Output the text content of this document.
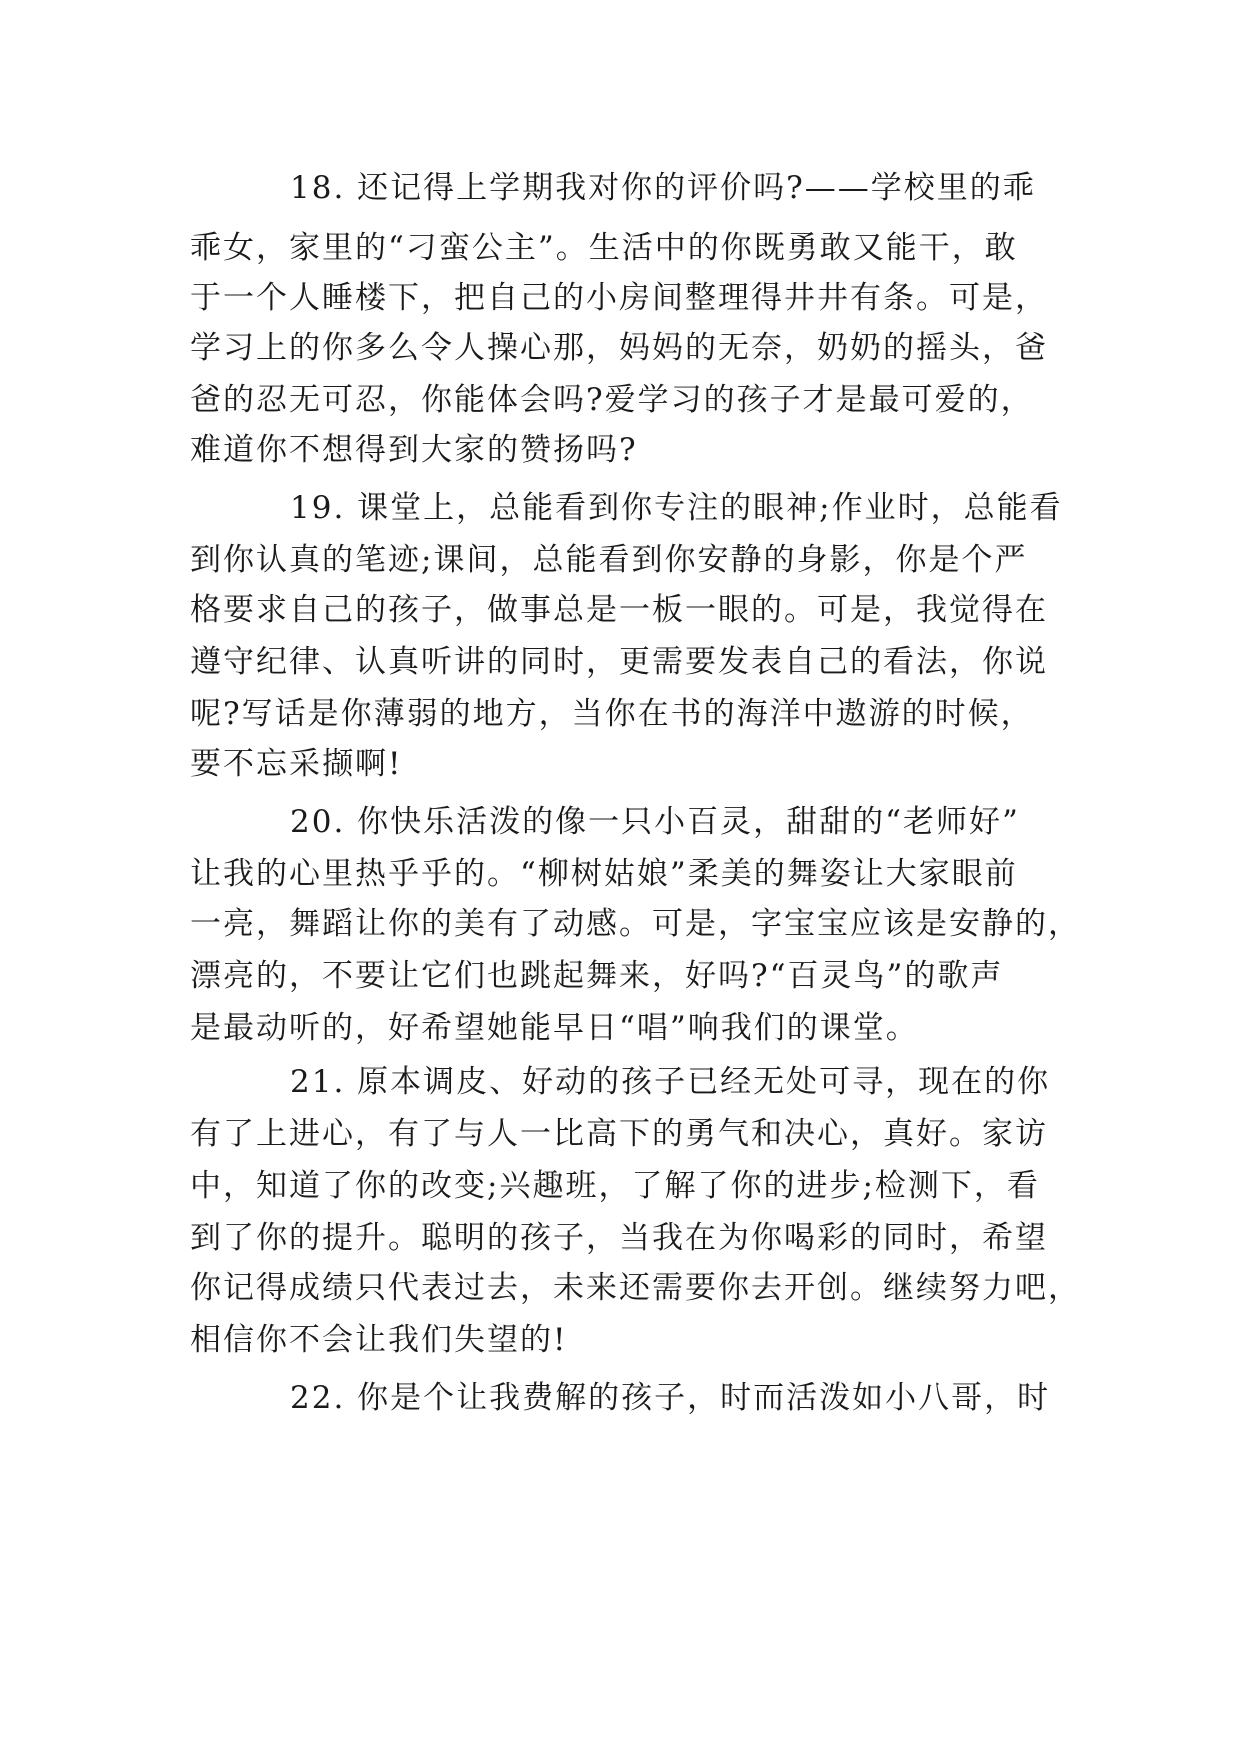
18. 还记得上学期我对你的评价吗?——学校里的乖
乖女，家里的“刁蛮公主”。生活中的你既勇敢又能干，敢
于一个人睡楼下，把自己的小房间整理得井井有条。可是，
学习上的你多么令人操心那，妈妈的无奈，奶奶的摇头，爸
爸的忍无可忍，你能体会吗?爱学习的孩子才是最可爱的，
难道你不想得到大家的赞扬吗?
19. 课堂上，总能看到你专注的眼神;作业时，总能看
到你认真的笔迹;课间，总能看到你安静的身影，你是个严
格要求自己的孩子，做事总是一板一眼的。可是，我觉得在
遵守纪律、认真听讲的同时，更需要发表自己的看法，你说
呢?写话是你薄弱的地方，当你在书的海洋中遨游的时候，
要不忘采撷啊!
20. 你快乐活泼的像一只小百灵，甜甜的“老师好”
让我的心里热乎乎的。“柳树姑娘”柔美的舞姿让大家眼前
一亮，舞蹈让你的美有了动感。可是，字宝宝应该是安静的，
漂亮的，不要让它们也跳起舞来，好吗?“百灵鸟”的歌声
是最动听的，好希望她能早日“唱”响我们的课堂。
21. 原本调皮、好动的孩子已经无处可寻，现在的你
有了上进心，有了与人一比高下的勇气和决心，真好。家访
中，知道了你的改变;兴趣班，了解了你的进步;检测下，看
到了你的提升。聪明的孩子，当我在为你喝彩的同时，希望
你记得成绩只代表过去，未来还需要你去开创。继续努力吧，
相信你不会让我们失望的!
22. 你是个让我费解的孩子，时而活泼如小八哥，时
